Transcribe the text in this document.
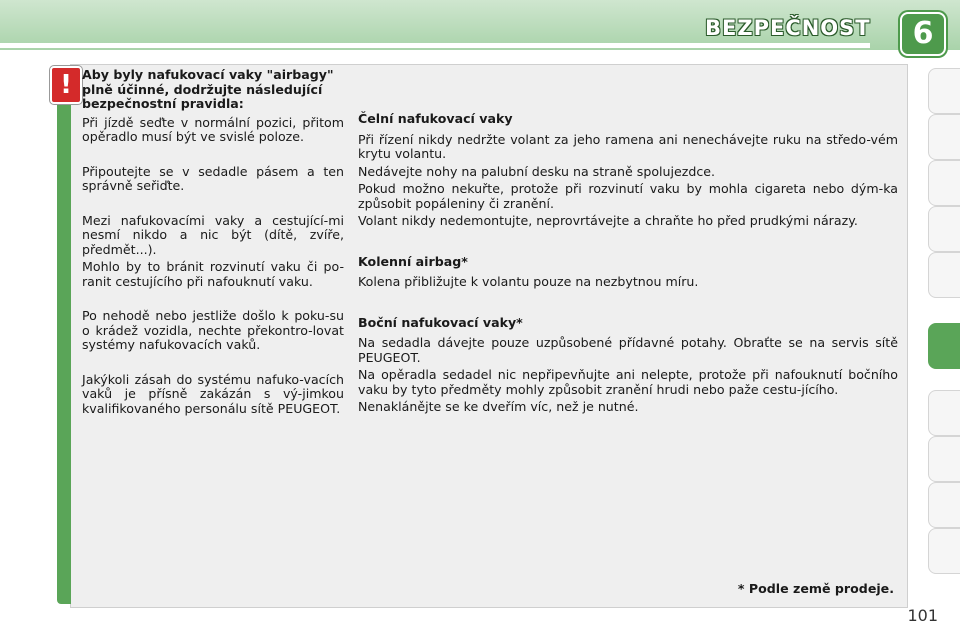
BEZPEČNOST	6
! Aby byly nafukovací vaky "airbagy" plně účinné, dodržujte následující bezpečnostní pravidla:

Při jízdě seďte v normální pozici, přitom opěradlo musí být ve svislé poloze.

Připoutejte se v sedadle pásem a ten správně seřiďte.

Mezi nafukovacími vaky a cestující-mi nesmí nikdo a nic být (dítě, zvíře, předmět...).

Mohlo by to bránit rozvinutí vaku či po-ranit cestujícího při nafouknutí vaku.

Po nehodě nebo jestliže došlo k poku-su o krádež vozidla, nechte překontro-lovat systémy nafukovacích vaků.

Jakýkoli zásah do systému nafuko-vacích vaků je přísně zakázán s vý-jimkou kvalifikovaného personálu sítě PEUGEOT.

Čelní nafukovací vaky

Při řízení nikdy nedržte volant za jeho ramena ani nenechávejte ruku na středo-vém krytu volantu.

Nedávejte nohy na palubní desku na straně spolujezdce.

Pokud možno nekuřte, protože při rozvinutí vaku by mohla cigareta nebo dým-ka způsobit popáleniny či zranění.

Volant nikdy nedemontujte, neprovrtávejte a chraňte ho před prudkými nárazy.

Kolenní airbag*

Kolena přibližujte k volantu pouze na nezbytnou míru.

Boční nafukovací vaky*

Na sedadla dávejte pouze uzpůsobené přídavné potahy. Obraťte se na servis sítě PEUGEOT.

Na opěradla sedadel nic nepřipevňujte ani nelepte, protože při nafouknutí bočního vaku by tyto předměty mohly způsobit zranění hrudi nebo paže cestu-jícího.

Nenaklánějte se ke dveřím víc, než je nutné.

* Podle země prodeje.
101
